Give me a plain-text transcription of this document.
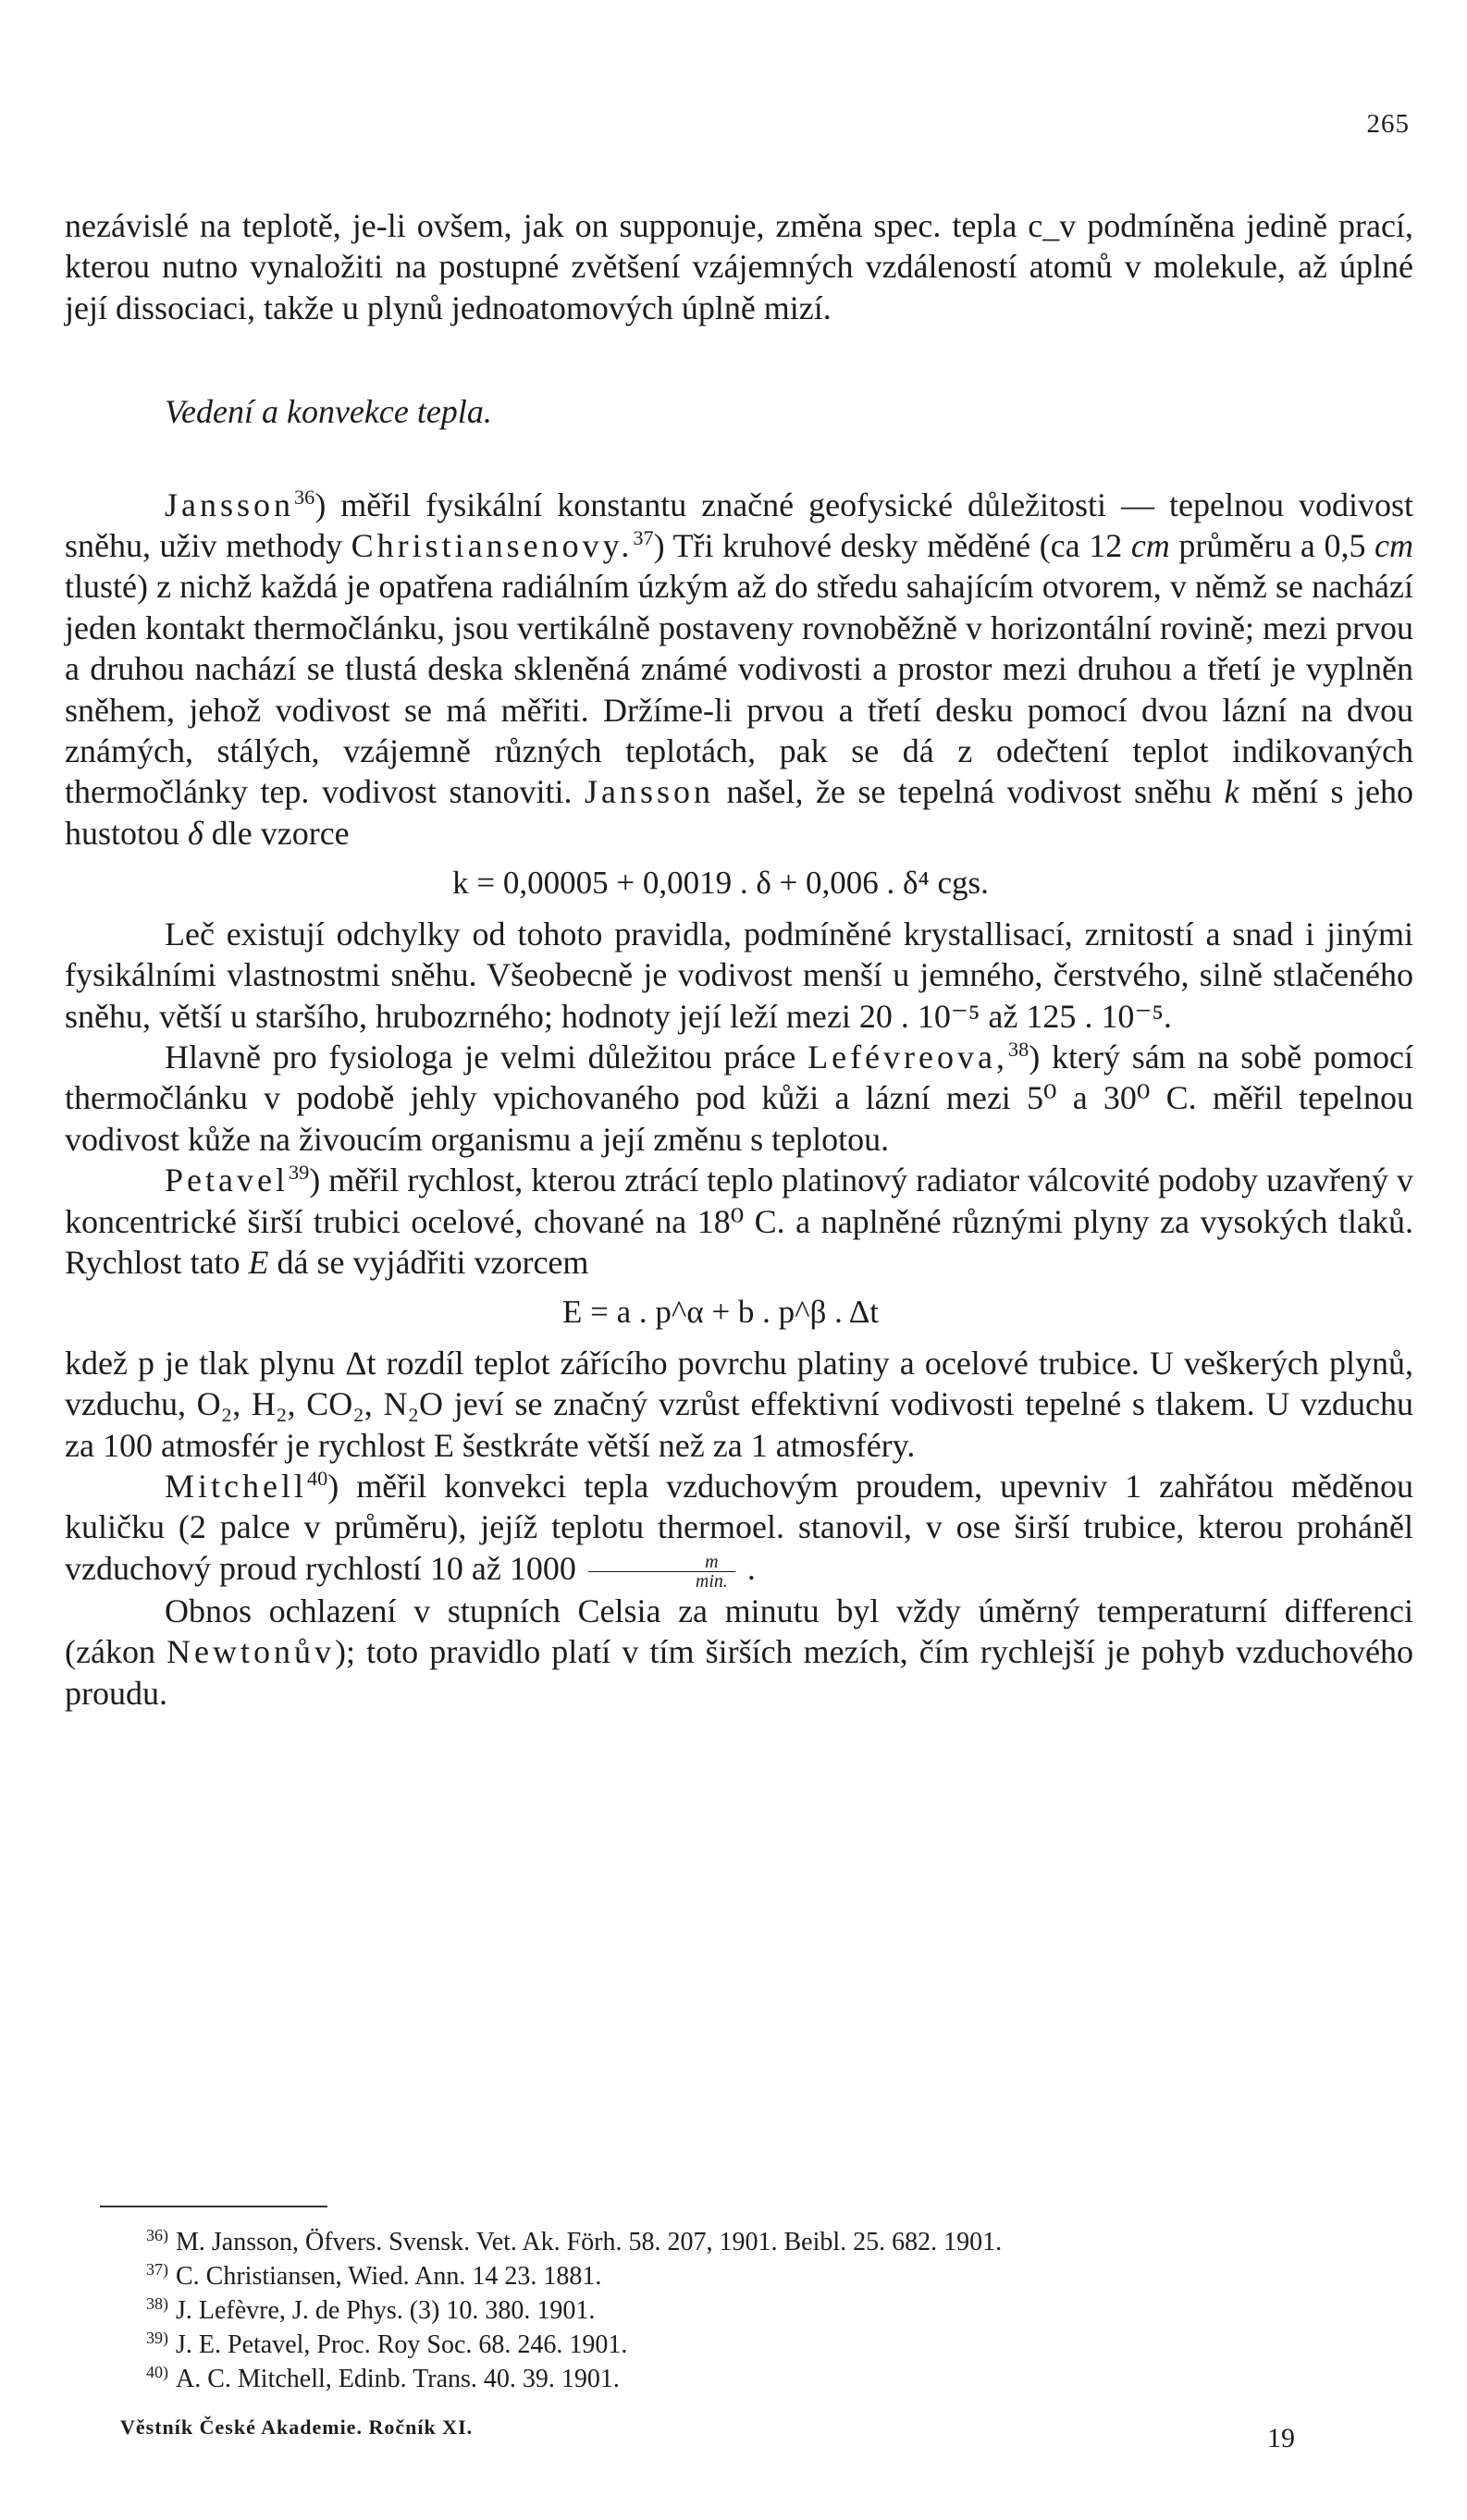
265

nezávislé na teplotě, je-li ovšem, jak on supponuje, změna spec. tepla c_v podmíněna jedině prací, kterou nutno vynaložiti na postupné zvětšení vzájemných vzdáleností atomů v molekule, až úplné její dissociaci, takže u plynů jednoatomových úplně mizí.

Vedení a konvekce tepla.

Jansson$^{36}$) měřil fysikální konstantu značné geofysické důležitosti — tepelnou vodivost sněhu, uživ methody Christiansenovy.$^{37}$) Tři kruhové desky měděné (ca 12 cm průměru a 0,5 cm tlusté) z nichž každá je opatřena radiálním úzkým až do středu sahajícím otvorem, v němž se nachází jeden kontakt thermočlánku, jsou vertikálně postaveny rovnoběžně v horizontální rovině; mezi prvou a druhou nachází se tlustá deska skleněná známé vodivosti a prostor mezi druhou a třetí je vyplněn sněhem, jehož vodivost se má měřiti. Držíme-li prvou a třetí desku pomocí dvou lázní na dvou známých, stálých, vzájemně různých teplotách, pak se dá z odečtení teplot indikovaných thermočlánky tep. vodivost stanoviti. Jansson našel, že se tepelná vodivost sněhu k mění s jeho hustotou δ dle vzorce

k = 0,00005 + 0,0019 . δ + 0,006 . δ⁴ cgs.

Leč existují odchylky od tohoto pravidla, podmíněné krystallisací, zrnitostí a snad i jinými fysikálními vlastnostmi sněhu. Všeobecně je vodivost menší u jemného, čerstvého, silně stlačeného sněhu, větší u staršího, hrubozrného; hodnoty její leží mezi 20 . 10⁻⁵ až 125 . 10⁻⁵.

Hlavně pro fysiologa je velmi důležitou práce Lefévreova,$^{38}$) který sám na sobě pomocí thermočlánku v podobě jehly vpichovaného pod kůži a lázní mezi 5⁰ a 30⁰ C. měřil tepelnou vodivost kůže na živoucím organismu a její změnu s teplotou.

Petavel$^{39}$) měřil rychlost, kterou ztrácí teplo platinový radiator válcovité podoby uzavřený v koncentrické širší trubici ocelové, chované na 18⁰ C. a naplněné různými plyny za vysokých tlaků. Rychlost tato E dá se vyjádřiti vzorcem

E = a . p^α + b . p^β . Δt

kdež p je tlak plynu Δt rozdíl teplot zářícího povrchu platiny a ocelové trubice. U veškerých plynů, vzduchu, O₂, H₂, CO₂, N₂O jeví se značný vzrůst effektivní vodivosti tepelné s tlakem. U vzduchu za 100 atmosfér je rychlost E šestkráte větší než za 1 atmosféry.

Mitchell$^{40}$) měřil konvekci tepla vzduchovým proudem, upevniv 1 zahřátou měděnou kuličku (2 palce v průměru), jejíž teplotu thermoel. stanovil, v ose širší trubice, kterou proháněl vzduchový proud rychlostí 10 až $1000 \frac{m}{\min.}$ .

Obnos ochlazení v stupních Celsia za minutu byl vždy úměrný temperaturní differenci (zákon Newtonův); toto pravidlo platí v tím širších mezích, čím rychlejší je pohyb vzduchového proudu.

36) M. Jansson, Öfvers. Svensk. Vet. Ak. Förh. 58. 207, 1901. Beibl. 25. 682. 1901.
37) C. Christiansen, Wied. Ann. 14 23. 1881.
38) J. Lefèvre, J. de Phys. (3) 10. 380. 1901.
39) J. E. Petavel, Proc. Roy Soc. 68. 246. 1901.
40) A. C. Mitchell, Edinb. Trans. 40. 39. 1901.
Věstník České Akademie. Ročník XI.	19
